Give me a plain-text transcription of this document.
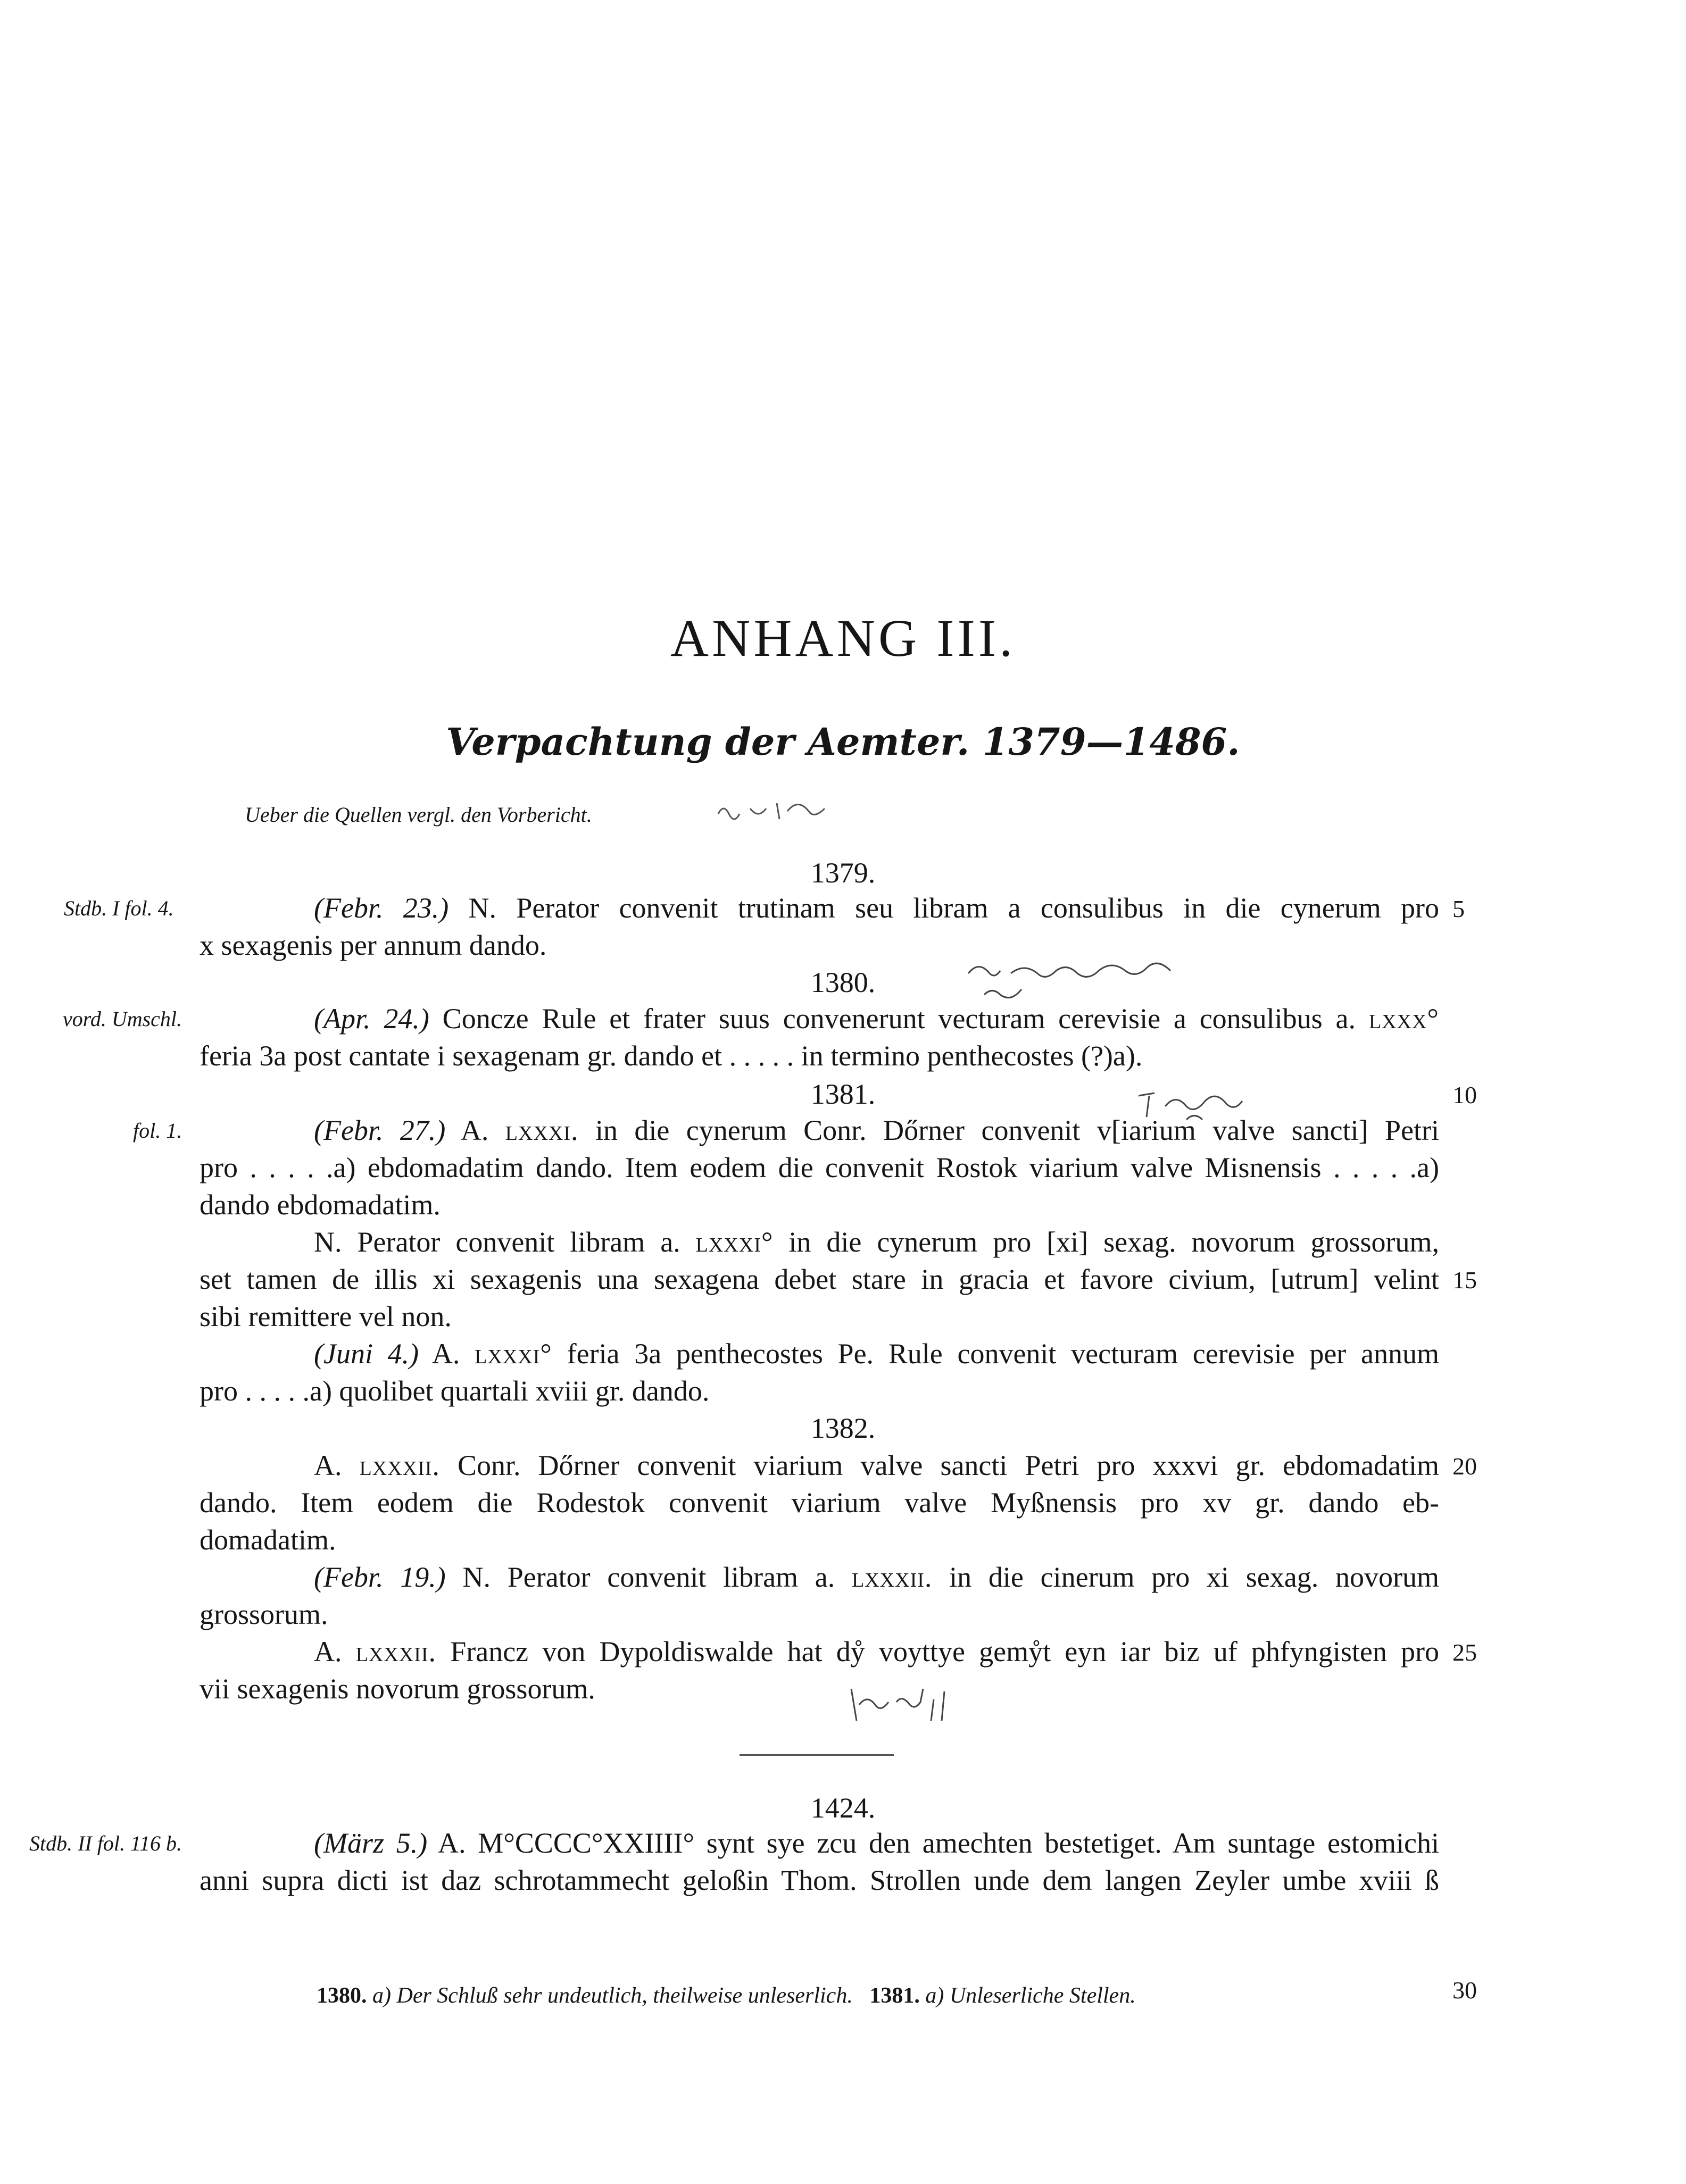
ANHANG III.
Verpachtung der Aemter. 1379—1486.
Ueber die Quellen vergl. den Vorbericht.
1379.
Stdb. I fol. 4.	(Febr. 23.) N. Perator convenit trutinam seu libram a consulibus in die cynerum pro 5
x sexagenis per annum dando.
1380.
vord. Umschl.	(Apr. 24.) Concze Rule et frater suus convenerunt vecturam cerevisie a consulibus a. lxxx°
feria 3a post cantate i sexagenam gr. dando et . . . . . in termino penthecostes (?)a).
1381.	10
fol. 1.	(Febr. 27.) A. lxxxi. in die cynerum Conr. Dőrner convenit v[iarium valve sancti] Petri
pro . . . . .a) ebdomadatim dando. Item eodem die convenit Rostok viarium valve Misnensis . . . . .a)
dando ebdomadatim.
N. Perator convenit libram a. lxxxi° in die cynerum pro [xi] sexag. novorum grossorum,
set tamen de illis xi sexagenis una sexagena debet stare in gracia et favore civium, [utrum] velint 15
sibi remittere vel non.
(Juni 4.) A. lxxxi° feria 3a penthecostes Pe. Rule convenit vecturam cerevisie per annum
pro . . . . .a) quolibet quartali xviii gr. dando.
1382.
A. lxxxii. Conr. Dőrner convenit viarium valve sancti Petri pro xxxvi gr. ebdomadatim 20
dando. Item eodem die Rodestok convenit viarium valve Myßnensis pro xv gr. dando eb-
domadatim.
(Febr. 19.) N. Perator convenit libram a. lxxxii. in die cinerum pro xi sexag. novorum
grossorum.
A. lxxxii. Francz von Dypoldiswalde hat dẙ voyttye gemẙt eyn iar biz uf phfyngisten pro 25
vii sexagenis novorum grossorum.
1424.
Stdb. II fol. 116 b.	(März 5.) A. M°CCCC°XXIIII° synt sye zcu den amechten bestetiget. Am suntage estomichi
anni supra dicti ist daz schrotammecht geloßin Thom. Strollen unde dem langen Zeyler umbe xviii ß
1380. a) Der Schluß sehr undeutlich, theilweise unleserlich. 1381. a) Unleserliche Stellen.	30
